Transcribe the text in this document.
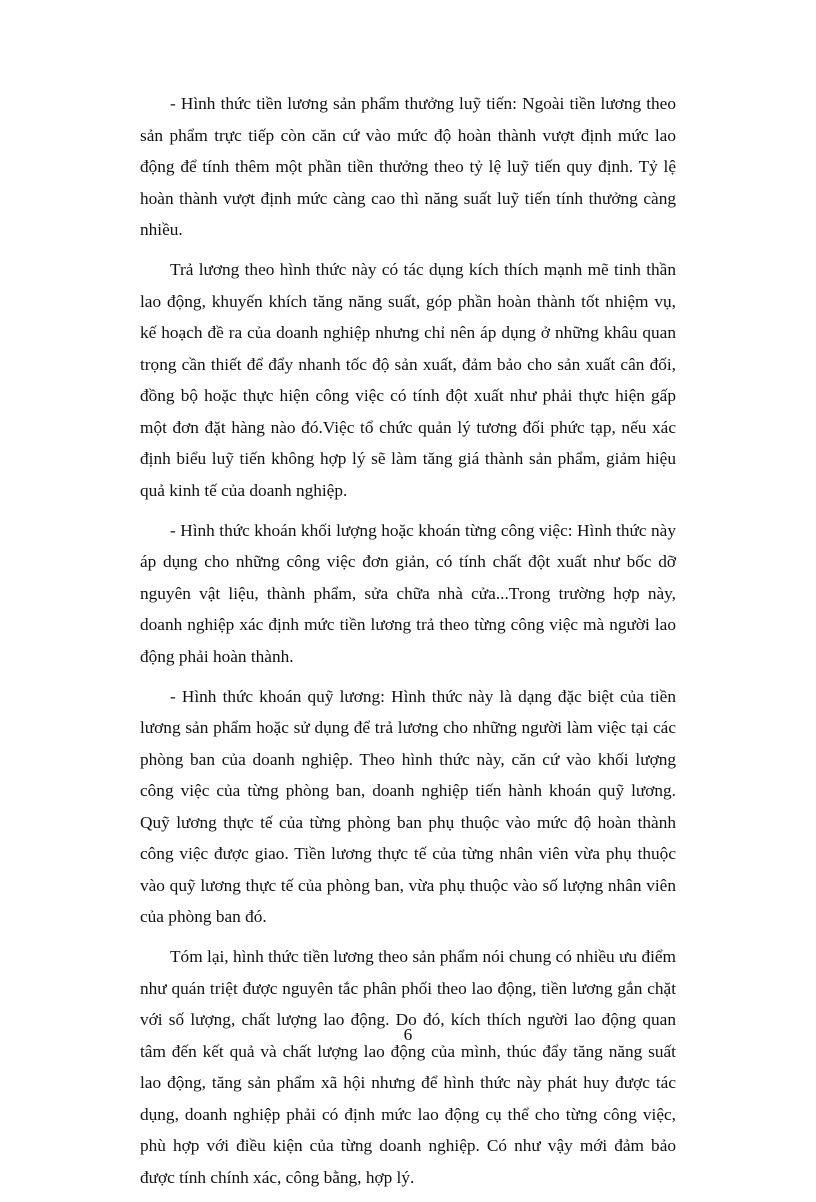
- Hình thức tiền lương sản phẩm thưởng luỹ tiến: Ngoài tiền lương theo sản phẩm trực tiếp còn căn cứ vào mức độ hoàn thành vượt định mức lao động để tính thêm một phần tiền thưởng theo tỷ lệ luỹ tiến quy định. Tỷ lệ hoàn thành vượt định mức càng cao thì năng suất luỹ tiến tính thưởng càng nhiều.

Trả lương theo hình thức này có tác dụng kích thích mạnh mẽ tinh thần lao động, khuyến khích tăng năng suất, góp phần hoàn thành tốt nhiệm vụ, kế hoạch đề ra của doanh nghiệp nhưng chỉ nên áp dụng ở những khâu quan trọng cần thiết để đẩy nhanh tốc độ sản xuất, đảm bảo cho sản xuất cân đối, đồng bộ hoặc thực hiện công việc có tính đột xuất như phải thực hiện gấp một đơn đặt hàng nào đó.Việc tổ chức quản lý tương đối phức tạp, nếu xác định biểu luỹ tiến không hợp lý sẽ làm tăng giá thành sản phẩm, giảm hiệu quả kinh tế của doanh nghiệp.

- Hình thức khoán khối lượng hoặc khoán từng công việc: Hình thức này áp dụng cho những công việc đơn giản, có tính chất đột xuất như bốc dỡ nguyên vật liệu, thành phẩm, sửa chữa nhà cửa...Trong trường hợp này, doanh nghiệp xác định mức tiền lương trả theo từng công việc mà người lao động phải hoàn thành.

- Hình thức khoán quỹ lương: Hình thức này là dạng đặc biệt của tiền lương sản phẩm hoặc sử dụng để trả lương cho những người làm việc tại các phòng ban của doanh nghiệp. Theo hình thức này, căn cứ vào khối lượng công việc của từng phòng ban, doanh nghiệp tiến hành khoán quỹ lương. Quỹ lương thực tế của từng phòng ban phụ thuộc vào mức độ hoàn thành công việc được giao. Tiền lương thực tế của từng nhân viên vừa phụ thuộc vào quỹ lương thực tế của phòng ban, vừa phụ thuộc vào số lượng nhân viên của phòng ban đó.

Tóm lại, hình thức tiền lương theo sản phẩm nói chung có nhiều ưu điểm như quán triệt được nguyên tắc phân phối theo lao động, tiền lương gắn chặt với số lượng, chất lượng lao động. Do đó, kích thích người lao động quan tâm đến kết quả và chất lượng lao động của mình, thúc đẩy tăng năng suất lao động, tăng sản phẩm xã hội nhưng để hình thức này phát huy được tác dụng, doanh nghiệp phải có định mức lao động cụ thể cho từng công việc, phù hợp với điều kiện của từng doanh nghiệp. Có như vậy mới đảm bảo được tính chính xác, công bằng, hợp lý.

6
